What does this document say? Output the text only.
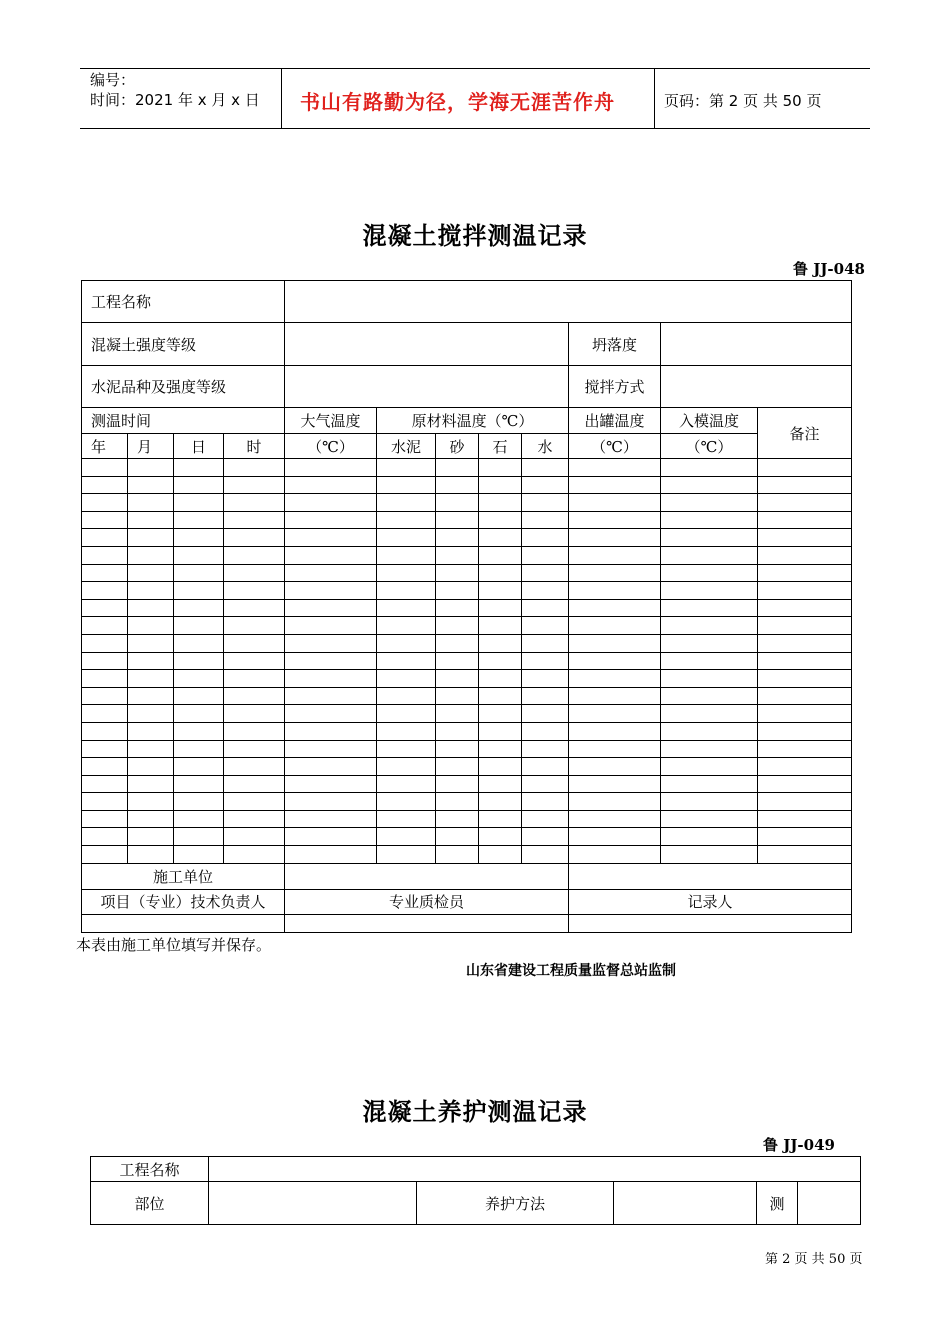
编号：
时间：2021 年 x 月 x 日 书山有路勤为径，学海无涯苦作舟	页码：第 2 页 共 50 页
混凝土搅拌测温记录
鲁 JJ-048
工程名称											
混凝土强度等级									坍落度		
水泥品种及强度等级									搅拌方式		
测温时间				大气温度	原材料温度（℃）				出罐温度	入模温度	备注
年	月	日	时	（℃）	水泥	砂	石	水	（℃）	（℃）	

施工单位											
项目（专业）技术负责人				专业质检员					记录人		

本表由施工单位填写并保存。
山东省建设工程质量监督总站监制
混凝土养护测温记录
鲁 JJ-049
工程名称					
部位		养护方法		测	
第 2 页 共 50 页
